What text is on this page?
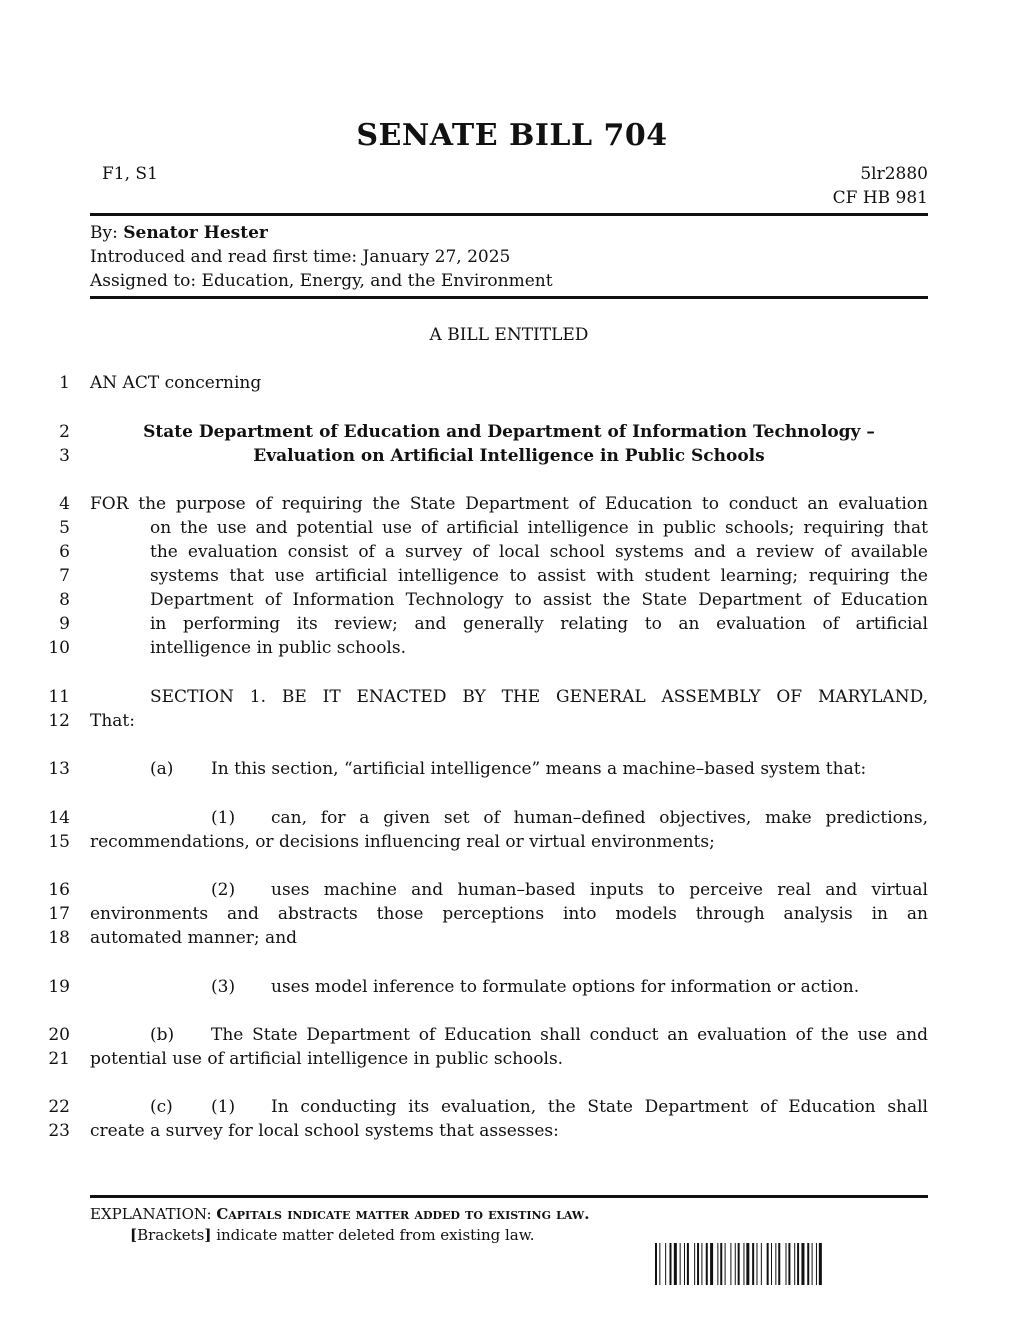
SENATE BILL 704
F1, S1	5lr2880
CF HB 981
By: Senator Hester
Introduced and read first time: January 27, 2025
Assigned to: Education, Energy, and the Environment
A BILL ENTITLED
1
2
3
4
5
6
7
8
9
10
11
12
13
14
15
16
17
18
19
20
21
22
23
AN ACT concerning
State Department of Education and Department of Information Technology –
Evaluation on Artificial Intelligence in Public Schools
FOR the purpose of requiring the State Department of Education to conduct an evaluation
on the use and potential use of artificial intelligence in public schools; requiring that
the evaluation consist of a survey of local school systems and a review of available
systems that use artificial intelligence to assist with student learning; requiring the
Department of Information Technology to assist the State Department of Education
in performing its review; and generally relating to an evaluation of artificial
intelligence in public schools.
SECTION 1. BE IT ENACTED BY THE GENERAL ASSEMBLY OF MARYLAND,
That:
(a) In this section, “artificial intelligence” means a machine–based system that:
(1) can, for a given set of human–defined objectives, make predictions,
recommendations, or decisions influencing real or virtual environments;
(2) uses machine and human–based inputs to perceive real and virtual
environments and abstracts those perceptions into models through analysis in an
automated manner; and
(3) uses model inference to formulate options for information or action.
(b) The State Department of Education shall conduct an evaluation of the use and
potential use of artificial intelligence in public schools.
(c) (1) In conducting its evaluation, the State Department of Education shall
create a survey for local school systems that assesses:
EXPLANATION: Capitals indicate matter added to existing law.
[Brackets] indicate matter deleted from existing law.
